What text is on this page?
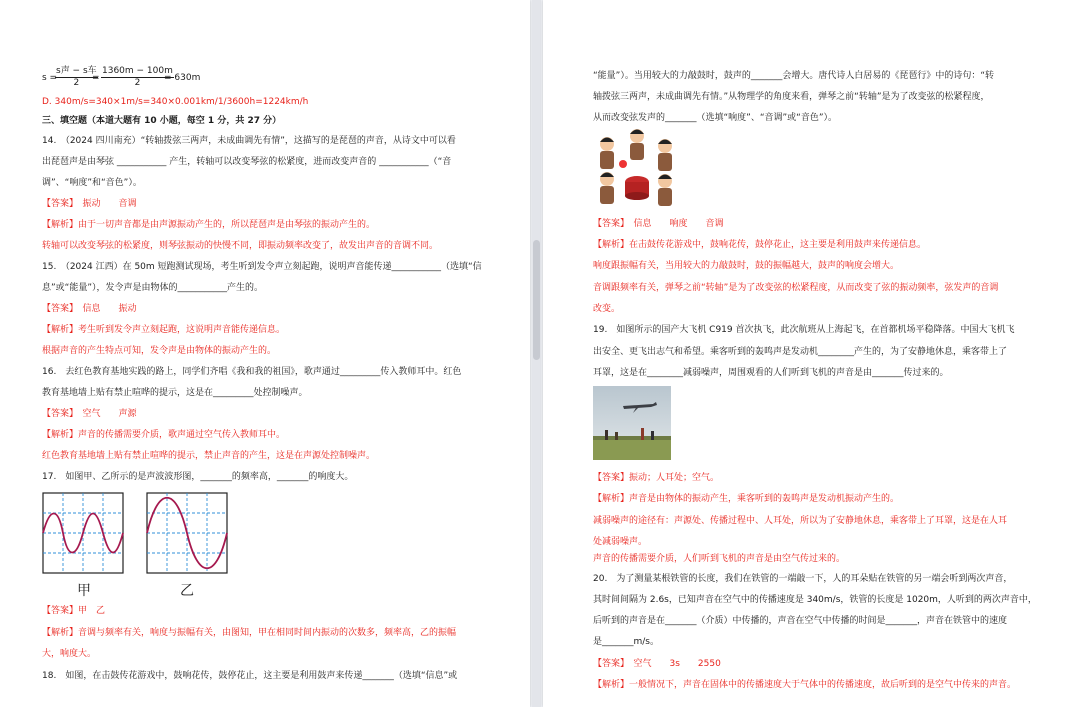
s =
s声 − s车
2	= $\frac{1360m - 100m}{2}$
= 630m
D. 340m/s=340×1m/s=340×0.001km/1/3600h=1224km/h
三、填空题（本道大题有 10 小题，每空 1 分，共 27 分）
14.　（2024 四川南充）“转轴拨弦三两声，未成曲调先有情”，这描写的是琵琶的声音，从诗文中可以看
出琵琶声是由琴弦 ___________ 产生，转轴可以改变琴弦的松紧度，进而改变声音的 ___________（“音
调”、“响度”和“音色”）。
【答案】　振动　　音调
【解析】由于一切声音都是由声源振动产生的，所以琵琶声是由琴弦的振动产生的。
转轴可以改变琴弦的松紧度，则琴弦振动的快慢不同，即振动频率改变了，故发出声音的音调不同。
15.　（2024 江西）在 50m 短跑测试现场，考生听到发令声立刻起跑，说明声音能传递___________（选填“信
息”或“能量”），发令声是由物体的___________产生的。
【答案】　信息　　振动
【解析】考生听到发令声立刻起跑，这说明声音能传递信息。
根据声音的产生特点可知，发令声是由物体的振动产生的。
16.　去红色教育基地实践的路上，同学们齐唱《我和我的祖国》，歌声通过_________传入教师耳中。红色
教育基地墙上贴有禁止喧哗的提示，这是在_________处控制噪声。
【答案】　空气　　声源
【解析】声音的传播需要介质，歌声通过空气传入教师耳中。
红色教育基地墙上贴有禁止喧哗的提示，禁止声音的产生，这是在声源处控制噪声。
17.　如图甲、乙所示的是声波波形图，_______的频率高，_______的响度大。
甲	乙
【答案】甲　乙
【解析】音调与频率有关，响度与振幅有关，由图知，甲在相同时间内振动的次数多，频率高，乙的振幅
大，响度大。
18.　如图，在击鼓传花游戏中，鼓响花传，鼓停花止，这主要是利用鼓声来传递_______（选填“信息”或
“能量”）。当用较大的力敲鼓时，鼓声的_______会增大。唐代诗人白居易的《琵琶行》中的诗句：“转
轴拨弦三两声，未成曲调先有情。”从物理学的角度来看，弹琴之前“转轴”是为了改变弦的松紧程度，
从而改变弦发声的_______（选填“响度”、“音调”或“音色”）。
【答案】　信息　　响度　　音调
【解析】在击鼓传花游戏中，鼓响花传，鼓停花止，这主要是利用鼓声来传递信息。
响度跟振幅有关，当用较大的力敲鼓时，鼓的振幅越大，鼓声的响度会增大。
音调跟频率有关，弹琴之前“转轴”是为了改变弦的松紧程度，从而改变了弦的振动频率，弦发声的音调
改变。
19.　如图所示的国产大飞机 C919 首次执飞，此次航班从上海起飞，在首都机场平稳降落。中国大飞机飞
出安全、更飞出志气和希望。乘客听到的轰鸣声是发动机________产生的，为了安静地休息，乘客带上了
耳罩，这是在________减弱噪声，周围观看的人们听到飞机的声音是由_______传过来的。
【答案】振动；人耳处；空气。
【解析】声音是由物体的振动产生，乘客听到的轰鸣声是发动机振动产生的。
减弱噪声的途径有：声源处、传播过程中、人耳处，所以为了安静地休息，乘客带上了耳罩，这是在人耳
处减弱噪声。
声音的传播需要介质，人们听到飞机的声音是由空气传过来的。
20.　为了测量某根铁管的长度，我们在铁管的一端敲一下，人的耳朵贴在铁管的另一端会听到两次声音，
其时间间隔为 2.6s，已知声音在空气中的传播速度是 340m/s，铁管的长度是 1020m，人听到的两次声音中，
后听到的声音是在_______（介质）中传播的，声音在空气中传播的时间是_______，声音在铁管中的速度
是_______m/s。
【答案】　空气　　3s　　2550
【解析】一般情况下，声音在固体中的传播速度大于气体中的传播速度，故后听到的是空气中传来的声音。
